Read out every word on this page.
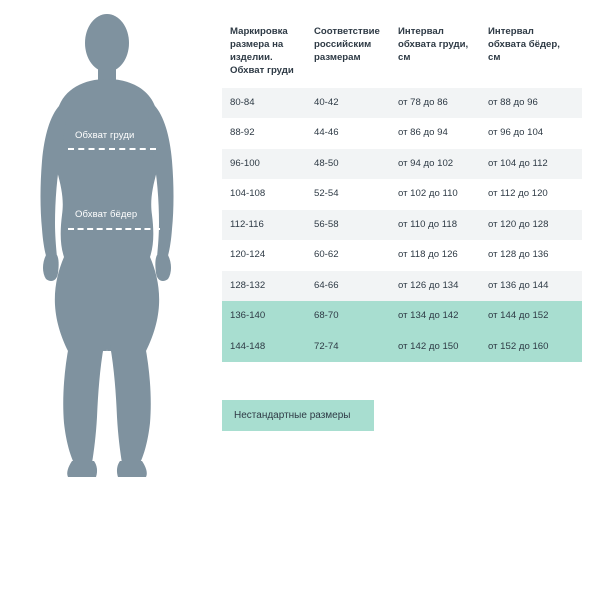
Обхват груди
Обхват бёдер
Маркировка размера на изделии. Обхват груди	Соответствие российским размерам	Интервал обхвата груди, см	Интервал обхвата бёдер, см
80-84	40-42	от 78 до 86	от 88 до 96
88-92	44-46	от 86 до 94	от 96 до 104
96-100	48-50	от 94 до 102	от 104 до 112
104-108	52-54	от 102 до 110	от 112 до 120
112-116	56-58	от 110 до 118	от 120 до 128
120-124	60-62	от 118 до 126	от 128 до 136
128-132	64-66	от 126 до 134	от 136 до 144
136-140	68-70	от 134 до 142	от 144 до 152
144-148	72-74	от 142 до 150	от 152 до 160
Нестандартные размеры
